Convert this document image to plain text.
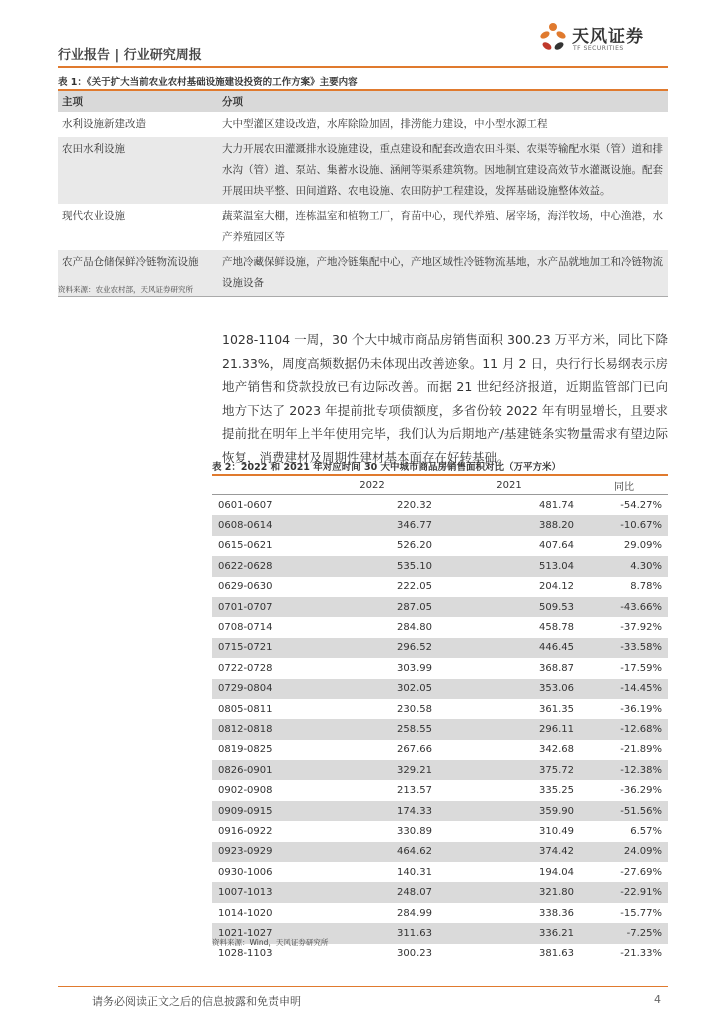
行业报告 | 行业研究周报
天风证券
TF SECURITIES
表 1：《关于扩大当前农业农村基础设施建设投资的工作方案》主要内容
主项	分项
水利设施新建改造	大中型灌区建设改造，水库除险加固，排涝能力建设，中小型水源工程
农田水利设施	大力开展农田灌溉排水设施建设，重点建设和配套改造农田斗渠、农渠等输配水渠（管）道和排水沟（管）道、泵站、集蓄水设施、涵闸等渠系建筑物。因地制宜建设高效节水灌溉设施。配套开展田块平整、田间道路、农电设施、农田防护工程建设，发挥基础设施整体效益。
现代农业设施	蔬菜温室大棚，连栋温室和植物工厂，育苗中心，现代养殖、屠宰场，海洋牧场，中心渔港，水产养殖园区等
农产品仓储保鲜冷链物流设施	产地冷藏保鲜设施，产地冷链集配中心，产地区域性冷链物流基地，水产品就地加工和冷链物流设施设备
资料来源：农业农村部，天风证券研究所
1028-1104 一周，30 个大中城市商品房销售面积 300.23 万平方米，同比下降 21.33%，周度高频数据仍未体现出改善迹象。11 月 2 日，央行行长易纲表示房地产销售和贷款投放已有边际改善。而据 21 世纪经济报道，近期监管部门已向地方下达了 2023 年提前批专项债额度，多省份较 2022 年有明显增长，且要求提前批在明年上半年使用完毕，我们认为后期地产/基建链条实物量需求有望边际恢复，消费建材及周期性建材基本面存在好转基础。
表 2：2022 和 2021 年对应时间 30 大中城市商品房销售面积对比（万平方米）
	2022	2021	同比
0601-0607	220.32	481.74	-54.27%
0608-0614	346.77	388.20	-10.67%
0615-0621	526.20	407.64	29.09%
0622-0628	535.10	513.04	4.30%
0629-0630	222.05	204.12	8.78%
0701-0707	287.05	509.53	-43.66%
0708-0714	284.80	458.78	-37.92%
0715-0721	296.52	446.45	-33.58%
0722-0728	303.99	368.87	-17.59%
0729-0804	302.05	353.06	-14.45%
0805-0811	230.58	361.35	-36.19%
0812-0818	258.55	296.11	-12.68%
0819-0825	267.66	342.68	-21.89%
0826-0901	329.21	375.72	-12.38%
0902-0908	213.57	335.25	-36.29%
0909-0915	174.33	359.90	-51.56%
0916-0922	330.89	310.49	6.57%
0923-0929	464.62	374.42	24.09%
0930-1006	140.31	194.04	-27.69%
1007-1013	248.07	321.80	-22.91%
1014-1020	284.99	338.36	-15.77%
1021-1027	311.63	336.21	-7.25%
1028-1103	300.23	381.63	-21.33%
资料来源：Wind，天风证券研究所
请务必阅读正文之后的信息披露和免责申明	4
